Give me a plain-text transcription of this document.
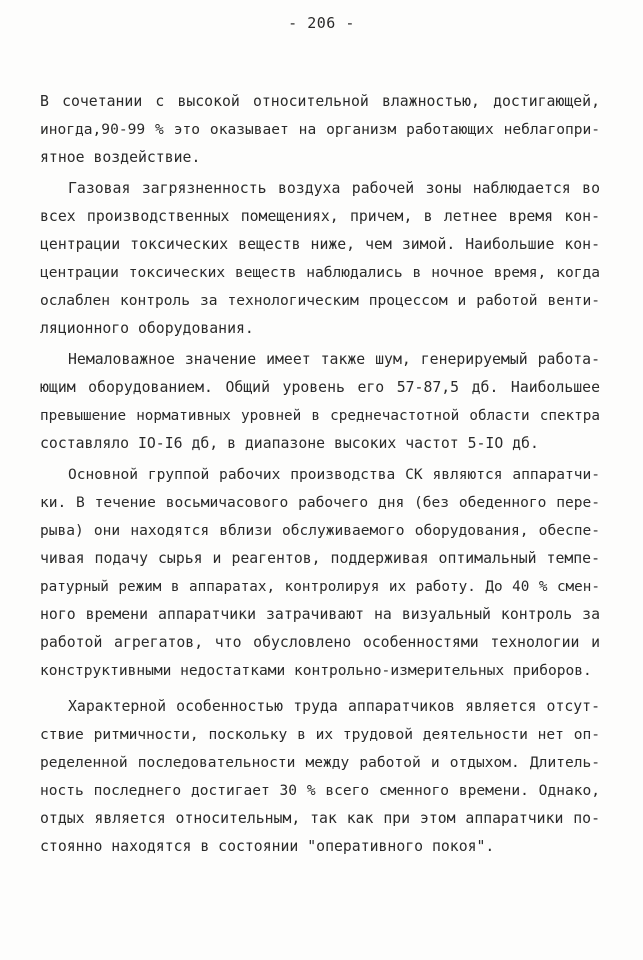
- 206 -
В сочетании с высокой относительной влажностью, достигающей,
иногда,90-99 % это оказывает на организм работающих неблагопри-
ятное воздействие.
Газовая загрязненность воздуха рабочей зоны наблюдается во
всех производственных помещениях, причем, в летнее время кон-
центрации токсических веществ ниже, чем зимой. Наибольшие кон-
центрации токсических веществ наблюдались в ночное время, когда
ослаблен контроль за технологическим процессом и работой венти-
ляционного оборудования.
Немаловажное значение имеет также шум, генерируемый работа-
ющим оборудованием. Общий уровень его 57-87,5 дб. Наибольшее
превышение нормативных уровней в среднечастотной области спектра
составляло IO-I6 дб, в диапазоне высоких частот 5-IO дб.
Основной группой рабочих производства СК являются аппаратчи-
ки. В течение восьмичасового рабочего дня (без обеденного пере-
рыва) они находятся вблизи обслуживаемого оборудования, обеспе-
чивая подачу сырья и реагентов, поддерживая оптимальный темпе-
ратурный режим в аппаратах, контролируя их работу. До 40 % смен-
ного времени аппаратчики затрачивают на визуальный контроль за
работой агрегатов, что обусловлено особенностями технологии и
конструктивными недостатками контрольно-измерительных приборов.
Характерной особенностью труда аппаратчиков является отсут-
ствие ритмичности, поскольку в их трудовой деятельности нет оп-
ределенной последовательности между работой и отдыхом. Длитель-
ность последнего достигает 30 % всего сменного времени. Однако,
отдых является относительным, так как при этом аппаратчики по-
стоянно находятся в состоянии "оперативного покоя".
